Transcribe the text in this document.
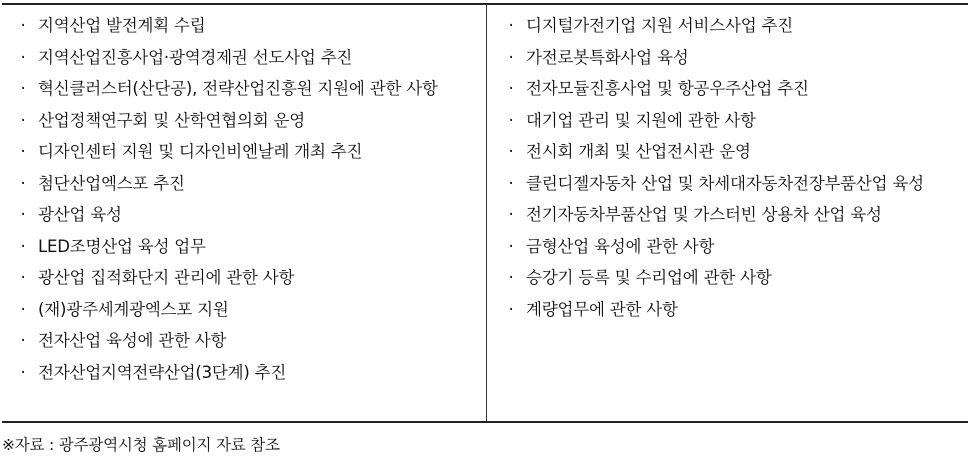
· 지역산업 발전계획 수립
· 지역산업진흥사업·광역경제권 선도사업 추진
· 혁신클러스터(산단공), 전략산업진흥원 지원에 관한 사항
· 산업정책연구회 및 산학연협의회 운영
· 디자인센터 지원 및 디자인비엔날레 개최 추진
· 첨단산업엑스포 추진
· 광산업 육성
· LED조명산업 육성 업무
· 광산업 집적화단지 관리에 관한 사항
· (재)광주세계광엑스포 지원
· 전자산업 육성에 관한 사항
· 전자산업지역전략산업(3단계) 추진
· 디지털가전기업 지원 서비스사업 추진
· 가전로봇특화사업 육성
· 전자모듈진흥사업 및 항공우주산업 추진
· 대기업 관리 및 지원에 관한 사항
· 전시회 개최 및 산업전시관 운영
· 클린디젤자동차 산업 및 차세대자동차전장부품산업 육성
· 전기자동차부품산업 및 가스터빈 상용차 산업 육성
· 금형산업 육성에 관한 사항
· 승강기 등록 및 수리업에 관한 사항
· 계량업무에 관한 사항
※자료 : 광주광역시청 홈페이지 자료 참조
